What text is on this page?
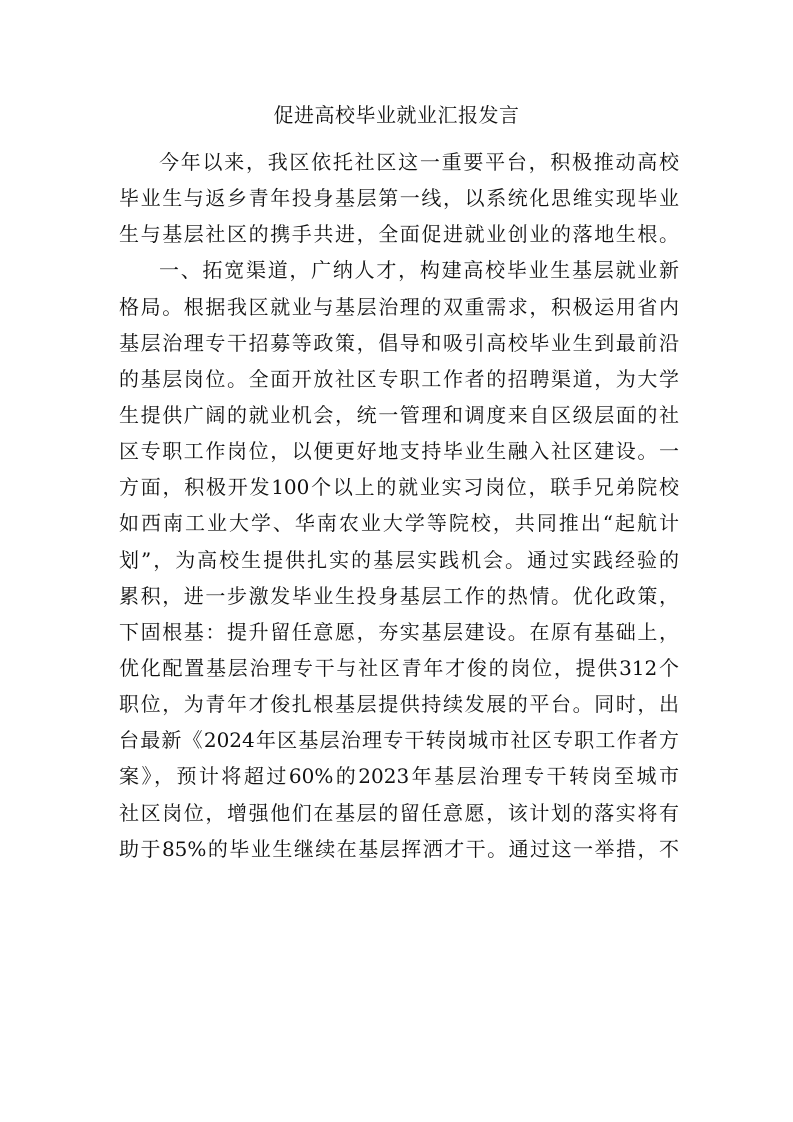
促进高校毕业就业汇报发言
今年以来，我区依托社区这一重要平台，积极推动高校
毕业生与返乡青年投身基层第一线，以系统化思维实现毕业
生与基层社区的携手共进，全面促进就业创业的落地生根。
一、拓宽渠道，广纳人才，构建高校毕业生基层就业新
格局。根据我区就业与基层治理的双重需求，积极运用省内
基层治理专干招募等政策，倡导和吸引高校毕业生到最前沿
的基层岗位。全面开放社区专职工作者的招聘渠道，为大学
生提供广阔的就业机会，统一管理和调度来自区级层面的社
区专职工作岗位，以便更好地支持毕业生融入社区建设。一
方面，积极开发100个以上的就业实习岗位，联手兄弟院校
如西南工业大学、华南农业大学等院校，共同推出“起航计
划”，为高校生提供扎实的基层实践机会。通过实践经验的
累积，进一步激发毕业生投身基层工作的热情。优化政策，
下固根基：提升留任意愿，夯实基层建设。在原有基础上，
优化配置基层治理专干与社区青年才俊的岗位，提供312个
职位，为青年才俊扎根基层提供持续发展的平台。同时，出
台最新《2024年区基层治理专干转岗城市社区专职工作者方
案》，预计将超过60%的2023年基层治理专干转岗至城市
社区岗位，增强他们在基层的留任意愿，该计划的落实将有
助于85%的毕业生继续在基层挥洒才干。通过这一举措，不
